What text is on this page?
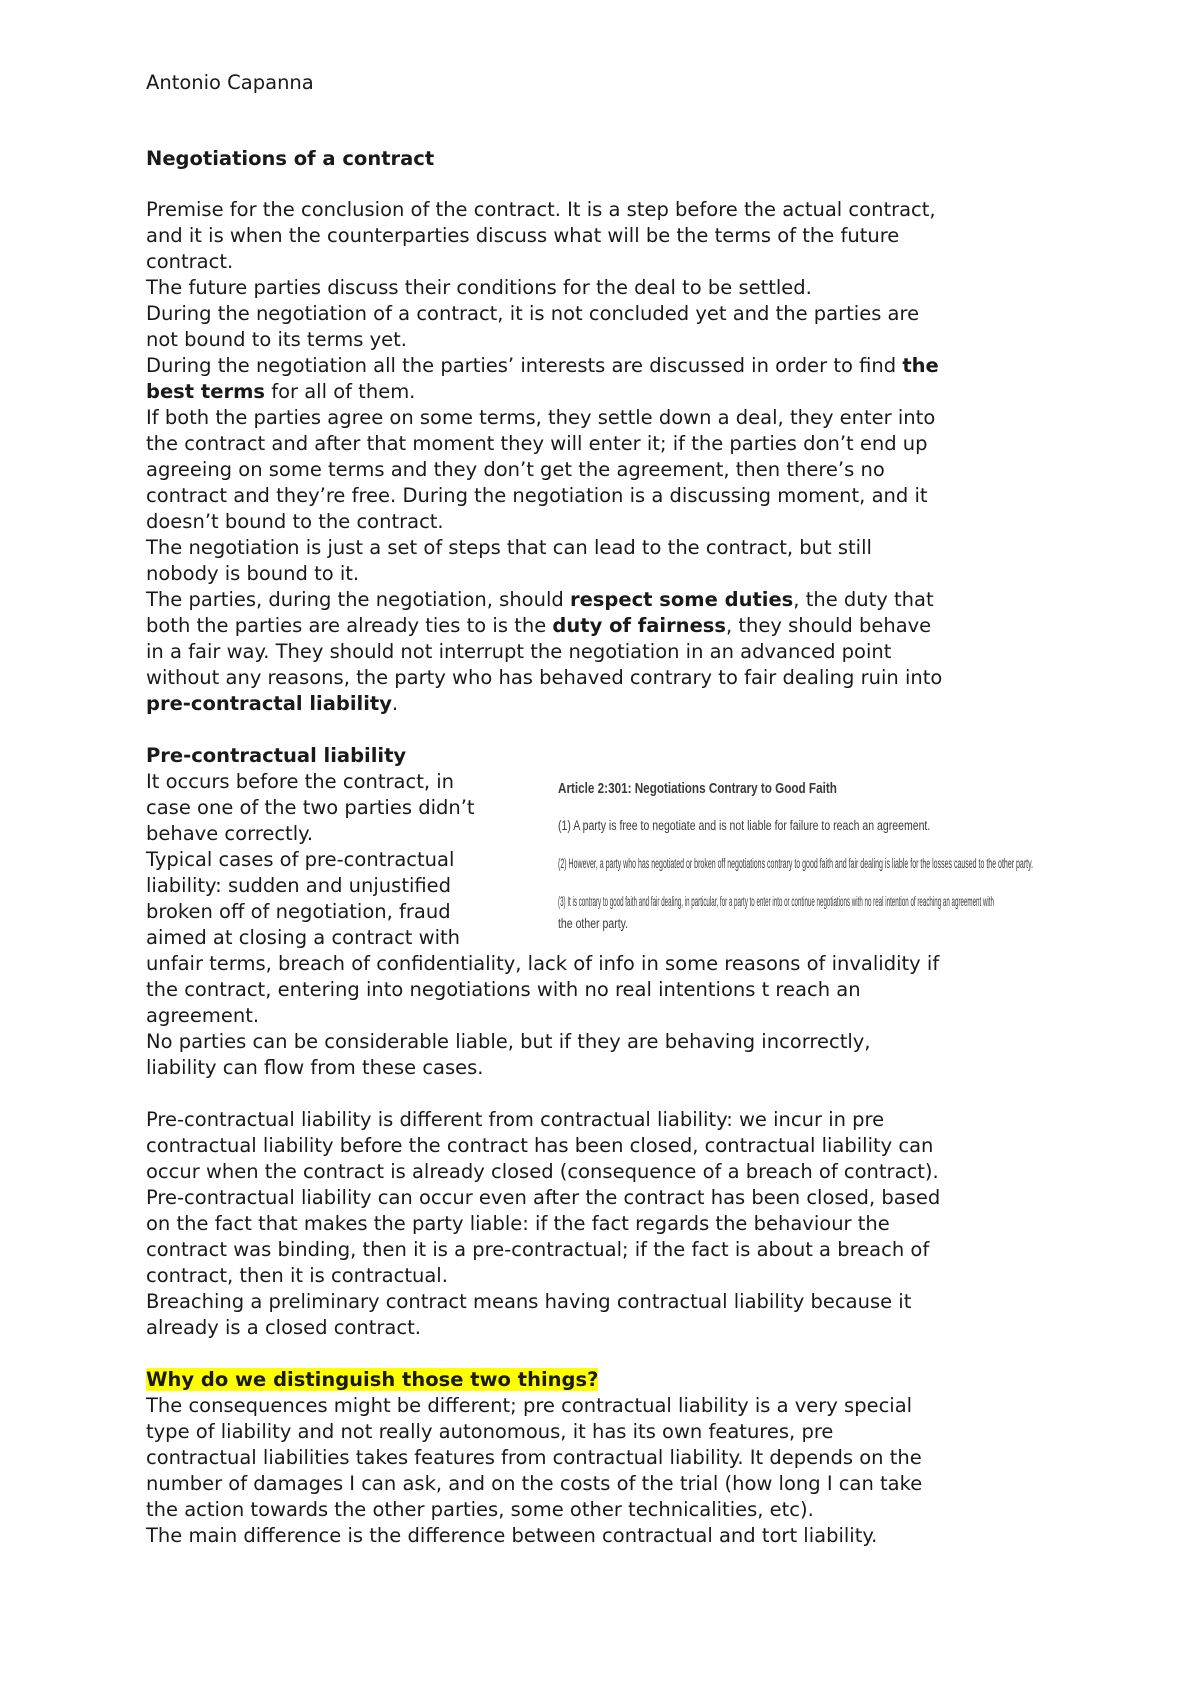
Antonio Capanna
Negotiations of a contract
Premise for the conclusion of the contract. It is a step before the actual contract,
and it is when the counterparties discuss what will be the terms of the future
contract.
The future parties discuss their conditions for the deal to be settled.
During the negotiation of a contract, it is not concluded yet and the parties are
not bound to its terms yet.
During the negotiation all the parties’ interests are discussed in order to find the
best terms for all of them.
If both the parties agree on some terms, they settle down a deal, they enter into
the contract and after that moment they will enter it; if the parties don’t end up
agreeing on some terms and they don’t get the agreement, then there’s no
contract and they’re free. During the negotiation is a discussing moment, and it
doesn’t bound to the contract.
The negotiation is just a set of steps that can lead to the contract, but still
nobody is bound to it.
The parties, during the negotiation, should respect some duties, the duty that
both the parties are already ties to is the duty of fairness, they should behave
in a fair way. They should not interrupt the negotiation in an advanced point
without any reasons, the party who has behaved contrary to fair dealing ruin into
pre-contractal liability.
Pre-contractual liability
It occurs before the contract, in
case one of the two parties didn’t
behave correctly.
Typical cases of pre-contractual
liability: sudden and unjustified
broken off of negotiation, fraud
aimed at closing a contract with
unfair terms, breach of confidentiality, lack of info in some reasons of invalidity if
the contract, entering into negotiations with no real intentions t reach an
agreement.
No parties can be considerable liable, but if they are behaving incorrectly,
liability can flow from these cases.
Article 2:301: Negotiations Contrary to Good Faith
(1) A party is free to negotiate and is not liable for failure to reach an agreement.
(2) However, a party who has negotiated or broken off negotiations contrary to good faith and fair dealing is liable for the losses caused to the other party.
(3) It is contrary to good faith and fair dealing, in particular, for a party to enter into or continue negotiations with no real intention of reaching an agreement with
the other party.
Pre-contractual liability is different from contractual liability: we incur in pre
contractual liability before the contract has been closed, contractual liability can
occur when the contract is already closed (consequence of a breach of contract).
Pre-contractual liability can occur even after the contract has been closed, based
on the fact that makes the party liable: if the fact regards the behaviour the
contract was binding, then it is a pre-contractual; if the fact is about a breach of
contract, then it is contractual.
Breaching a preliminary contract means having contractual liability because it
already is a closed contract.
Why do we distinguish those two things?
The consequences might be different; pre contractual liability is a very special
type of liability and not really autonomous, it has its own features, pre
contractual liabilities takes features from contractual liability. It depends on the
number of damages I can ask, and on the costs of the trial (how long I can take
the action towards the other parties, some other technicalities, etc).
The main difference is the difference between contractual and tort liability.
